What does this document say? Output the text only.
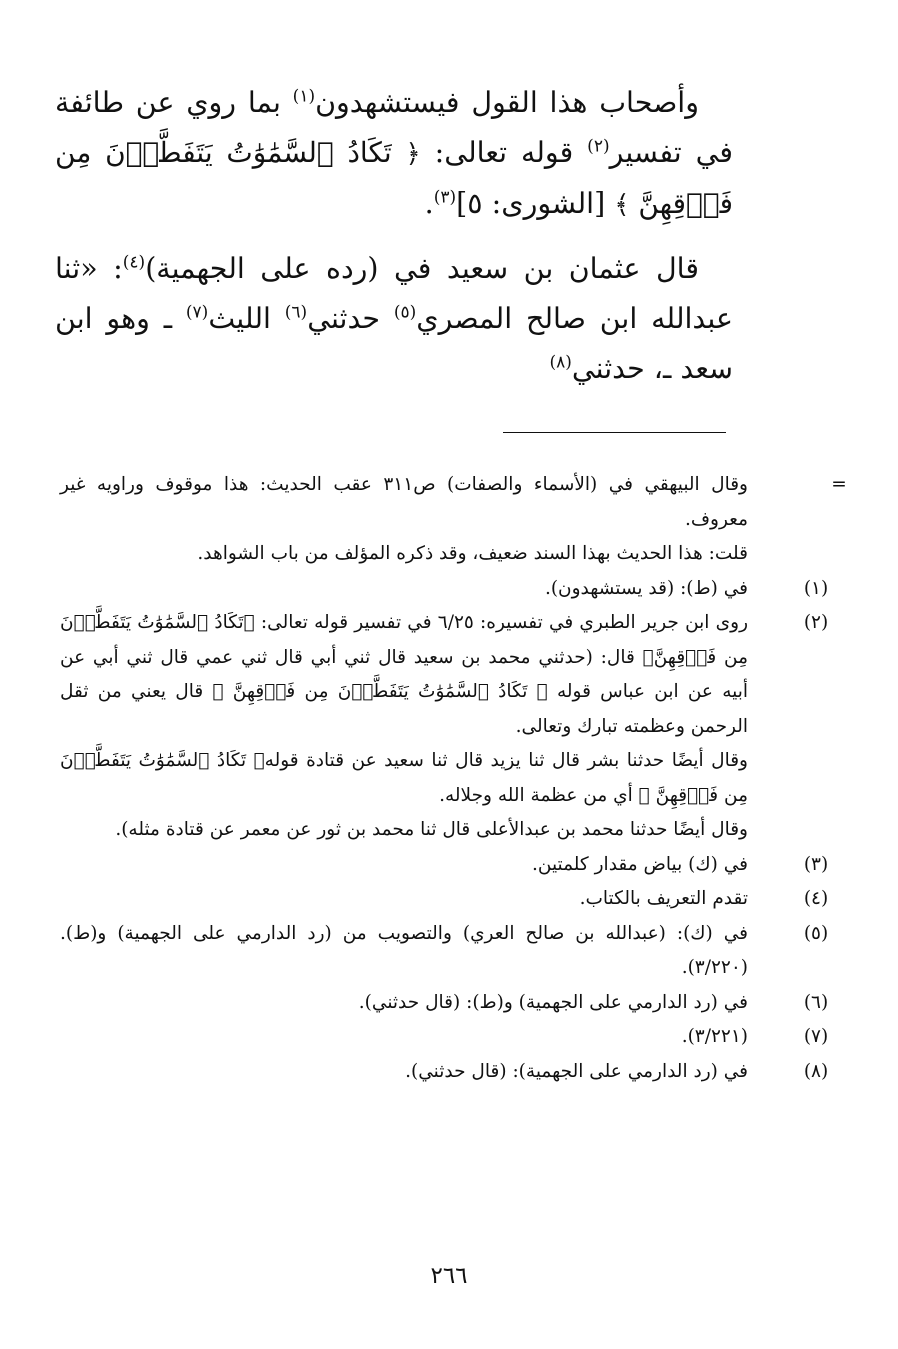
وأصحاب هذا القول فيستشهدون$^{(١)}$ بما روي عن طائفة في تفسير$^{(٢)}$ قوله تعالى: ﴿ تَكَادُ ٱلسَّمَٰوَٰتُ يَتَفَطَّرۡنَ مِن فَوۡقِهِنَّ ﴾ [الشورى: ٥]$^{(٣)}$.

قال عثمان بن سعيد في (رده على الجهمية)$^{(٤)}$: «ثنا عبدالله ابن صالح المصري$^{(٥)}$ حدثني$^{(٦)}$ الليث$^{(٧)}$ ـ وهو ابن سعد ـ، حدثني$^{(٨)}$

=
وقال البيهقي في (الأسماء والصفات) ص٣١١ عقب الحديث: هذا موقوف وراويه غير معروف.
قلت: هذا الحديث بهذا السند ضعيف، وقد ذكره المؤلف من باب الشواهد.
(١)
في (ط): (قد يستشهدون).
(٢)
روى ابن جرير الطبري في تفسيره: ٦/٢٥ في تفسير قوله تعالى: ﴿تَكَادُ ٱلسَّمَٰوَٰتُ يَتَفَطَّرۡنَ مِن فَوۡقِهِنَّ﴾ قال: (حدثني محمد بن سعيد قال ثني أبي قال ثني عمي قال ثني أبي عن أبيه عن ابن عباس قوله ﴿ تَكَادُ ٱلسَّمَٰوَٰتُ يَتَفَطَّرۡنَ مِن فَوۡقِهِنَّ ﴾ قال يعني من ثقل الرحمن وعظمته تبارك وتعالى.
وقال أيضًا حدثنا بشر قال ثنا يزيد قال ثنا سعيد عن قتادة قوله﴿ تَكَادُ ٱلسَّمَٰوَٰتُ يَتَفَطَّرۡنَ مِن فَوۡقِهِنَّ ﴾ أي من عظمة الله وجلاله.
وقال أيضًا حدثنا محمد بن عبدالأعلى قال ثنا محمد بن ثور عن معمر عن قتادة مثله).
(٣)
في (ك) بياض مقدار كلمتين.
(٤)
تقدم التعريف بالكتاب.
(٥)
في (ك): (عبدالله بن صالح العري) والتصويب من (رد الدارمي على الجهمية) و(ط). (٣/٢٢٠).
(٦)
في (رد الدارمي على الجهمية) و(ط): (قال حدثني).
(٧)
(٣/٢٢١).
(٨)
في (رد الدارمي على الجهمية): (قال حدثني).
٢٦٦
